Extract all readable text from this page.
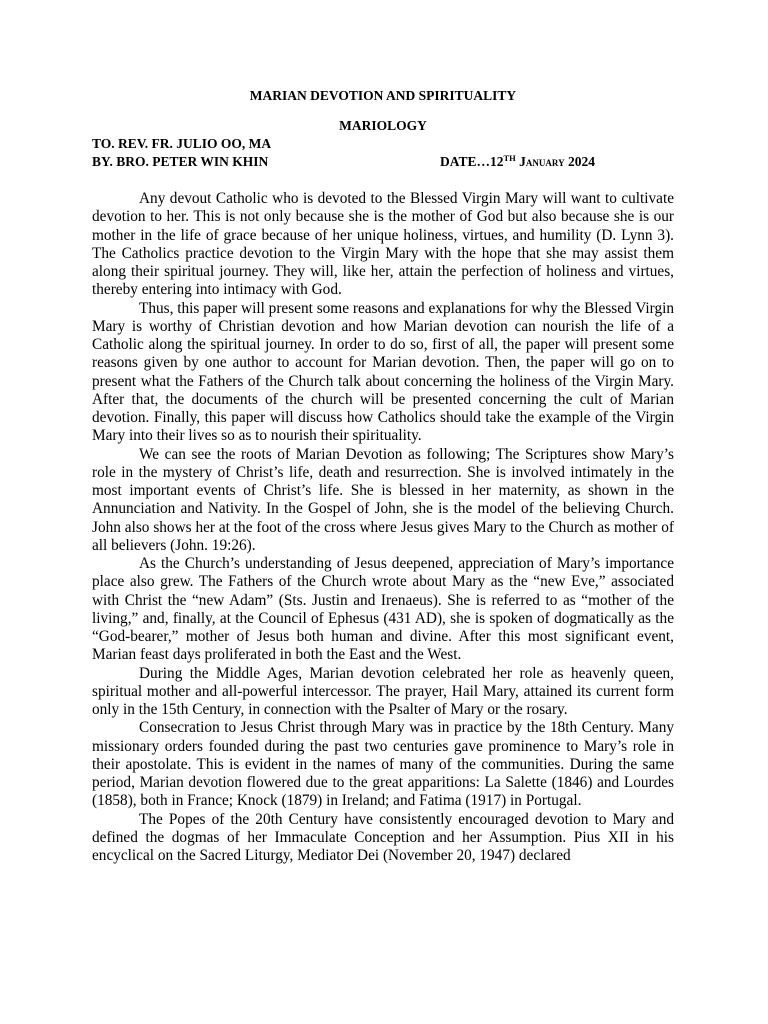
MARIAN DEVOTION AND SPIRITUALITY
MARIOLOGY
TO. REV. FR. JULIO OO, MA
BY. BRO. PETER WIN KHIN	DATE…12TH January 2024

Any devout Catholic who is devoted to the Blessed Virgin Mary will want to cultivate devotion to her. This is not only because she is the mother of God but also because she is our mother in the life of grace because of her unique holiness, virtues, and humility (D. Lynn 3). The Catholics practice devotion to the Virgin Mary with the hope that she may assist them along their spiritual journey. They will, like her, attain the perfection of holiness and virtues, thereby entering into intimacy with God.

Thus, this paper will present some reasons and explanations for why the Blessed Virgin Mary is worthy of Christian devotion and how Marian devotion can nourish the life of a Catholic along the spiritual journey. In order to do so, first of all, the paper will present some reasons given by one author to account for Marian devotion. Then, the paper will go on to present what the Fathers of the Church talk about concerning the holiness of the Virgin Mary. After that, the documents of the church will be presented concerning the cult of Marian devotion. Finally, this paper will discuss how Catholics should take the example of the Virgin Mary into their lives so as to nourish their spirituality.

We can see the roots of Marian Devotion as following; The Scriptures show Mary’s role in the mystery of Christ’s life, death and resurrection. She is involved intimately in the most important events of Christ’s life. She is blessed in her maternity, as shown in the Annunciation and Nativity. In the Gospel of John, she is the model of the believing Church. John also shows her at the foot of the cross where Jesus gives Mary to the Church as mother of all believers (John. 19:26).

As the Church’s understanding of Jesus deepened, appreciation of Mary’s importance place also grew. The Fathers of the Church wrote about Mary as the “new Eve,” associated with Christ the “new Adam” (Sts. Justin and Irenaeus). She is referred to as “mother of the living,” and, finally, at the Council of Ephesus (431 AD), she is spoken of dogmatically as the “God-bearer,” mother of Jesus both human and divine. After this most significant event, Marian feast days proliferated in both the East and the West.

During the Middle Ages, Marian devotion celebrated her role as heavenly queen, spiritual mother and all-powerful intercessor. The prayer, Hail Mary, attained its current form only in the 15th Century, in connection with the Psalter of Mary or the rosary.

Consecration to Jesus Christ through Mary was in practice by the 18th Century. Many missionary orders founded during the past two centuries gave prominence to Mary’s role in their apostolate. This is evident in the names of many of the communities. During the same period, Marian devotion flowered due to the great apparitions: La Salette (1846) and Lourdes (1858), both in France; Knock (1879) in Ireland; and Fatima (1917) in Portugal.

The Popes of the 20th Century have consistently encouraged devotion to Mary and defined the dogmas of her Immaculate Conception and her Assumption. Pius XII in his encyclical on the Sacred Liturgy, Mediator Dei (November 20, 1947) declared
